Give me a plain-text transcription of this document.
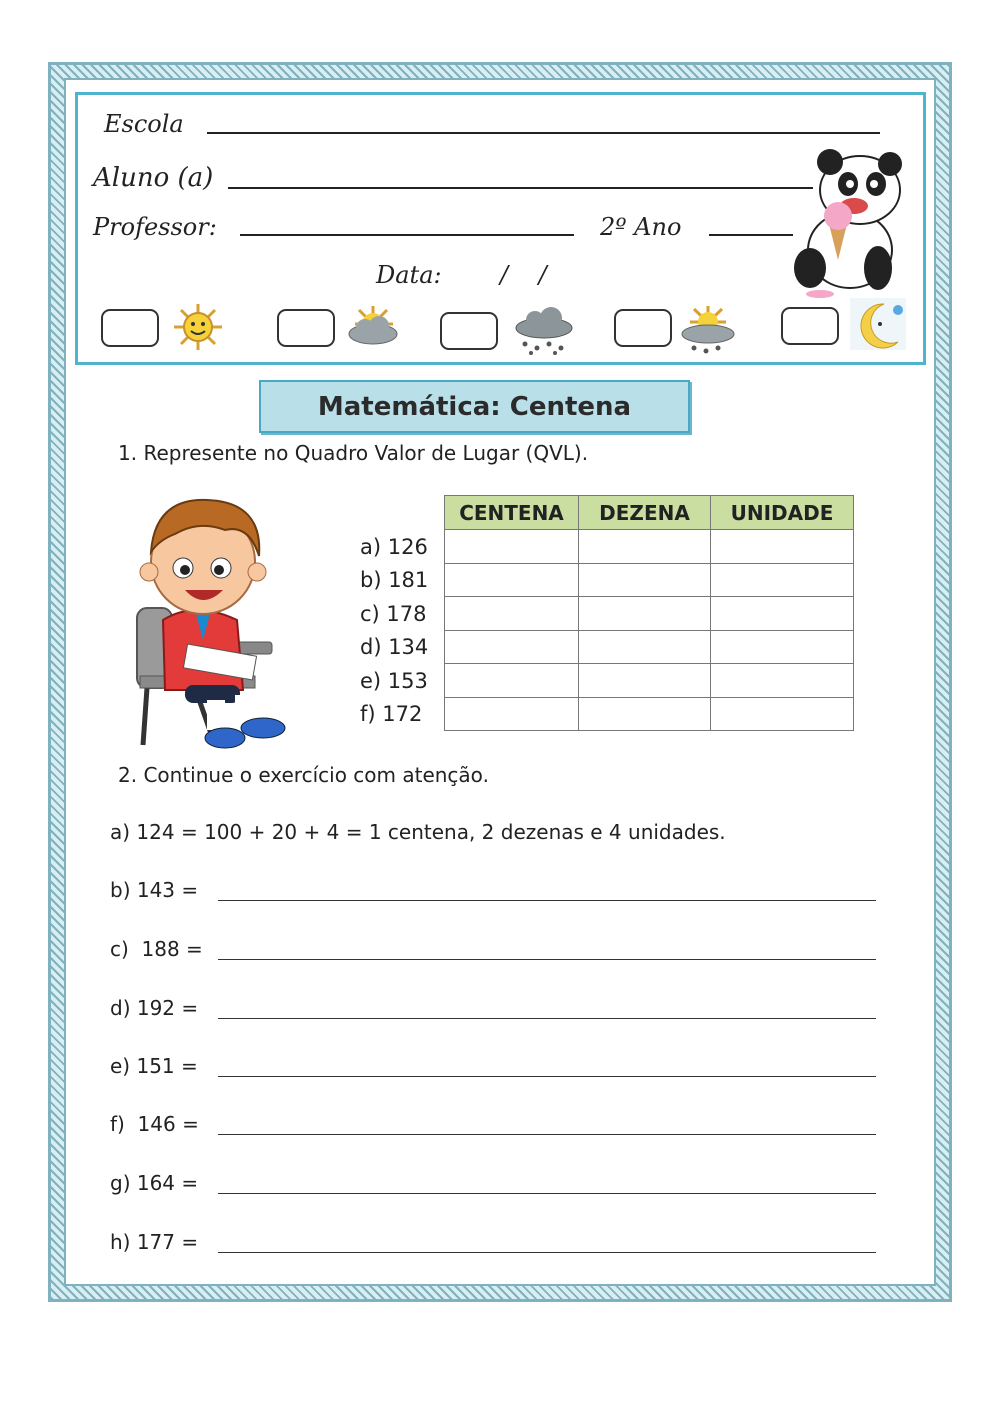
Escola
Aluno (a)
Professor:	2º Ano
Data: /    /
Matemática: Centena
1. Represente no Quadro Valor de Lugar (QVL).
a) 126
b) 181
c) 178
d) 134
e) 153
f) 172
CENTENA	DEZENA	UNIDADE

2. Continue o exercício com atenção.
a) 124 = 100 + 20 + 4 = 1 centena, 2 dezenas e 4 unidades.
b) 143 =
c)  188 =
d) 192 =
e) 151 =
f)  146 =
g) 164 =
h) 177 =
